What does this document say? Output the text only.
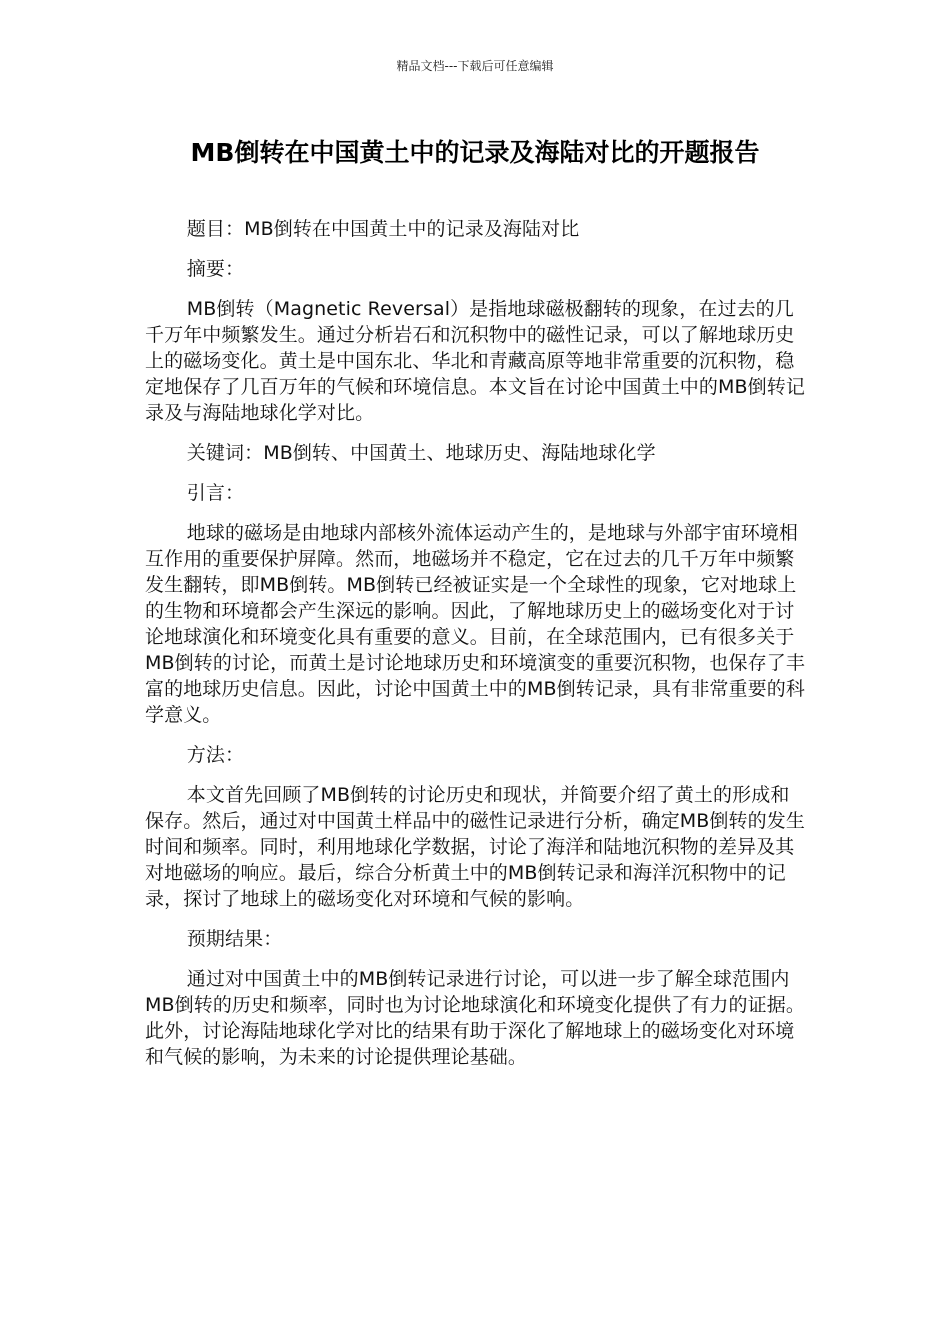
精品文档---下载后可任意编辑
MB倒转在中国黄土中的记录及海陆对比的开题报告

题目：MB倒转在中国黄土中的记录及海陆对比

摘要：

MB倒转（Magnetic Reversal）是指地球磁极翻转的现象，在过去的几千万年中频繁发生。通过分析岩石和沉积物中的磁性记录，可以了解地球历史上的磁场变化。黄土是中国东北、华北和青藏高原等地非常重要的沉积物，稳定地保存了几百万年的气候和环境信息。本文旨在讨论中国黄土中的MB倒转记录及与海陆地球化学对比。

关键词：MB倒转、中国黄土、地球历史、海陆地球化学

引言：

地球的磁场是由地球内部核外流体运动产生的，是地球与外部宇宙环境相互作用的重要保护屏障。然而，地磁场并不稳定，它在过去的几千万年中频繁发生翻转，即MB倒转。MB倒转已经被证实是一个全球性的现象，它对地球上的生物和环境都会产生深远的影响。因此，了解地球历史上的磁场变化对于讨论地球演化和环境变化具有重要的意义。目前，在全球范围内，已有很多关于MB倒转的讨论，而黄土是讨论地球历史和环境演变的重要沉积物，也保存了丰富的地球历史信息。因此，讨论中国黄土中的MB倒转记录，具有非常重要的科学意义。

方法：

本文首先回顾了MB倒转的讨论历史和现状，并简要介绍了黄土的形成和保存。然后，通过对中国黄土样品中的磁性记录进行分析，确定MB倒转的发生时间和频率。同时，利用地球化学数据，讨论了海洋和陆地沉积物的差异及其对地磁场的响应。最后，综合分析黄土中的MB倒转记录和海洋沉积物中的记录，探讨了地球上的磁场变化对环境和气候的影响。

预期结果：

通过对中国黄土中的MB倒转记录进行讨论，可以进一步了解全球范围内MB倒转的历史和频率，同时也为讨论地球演化和环境变化提供了有力的证据。此外，讨论海陆地球化学对比的结果有助于深化了解地球上的磁场变化对环境和气候的影响，为未来的讨论提供理论基础。
